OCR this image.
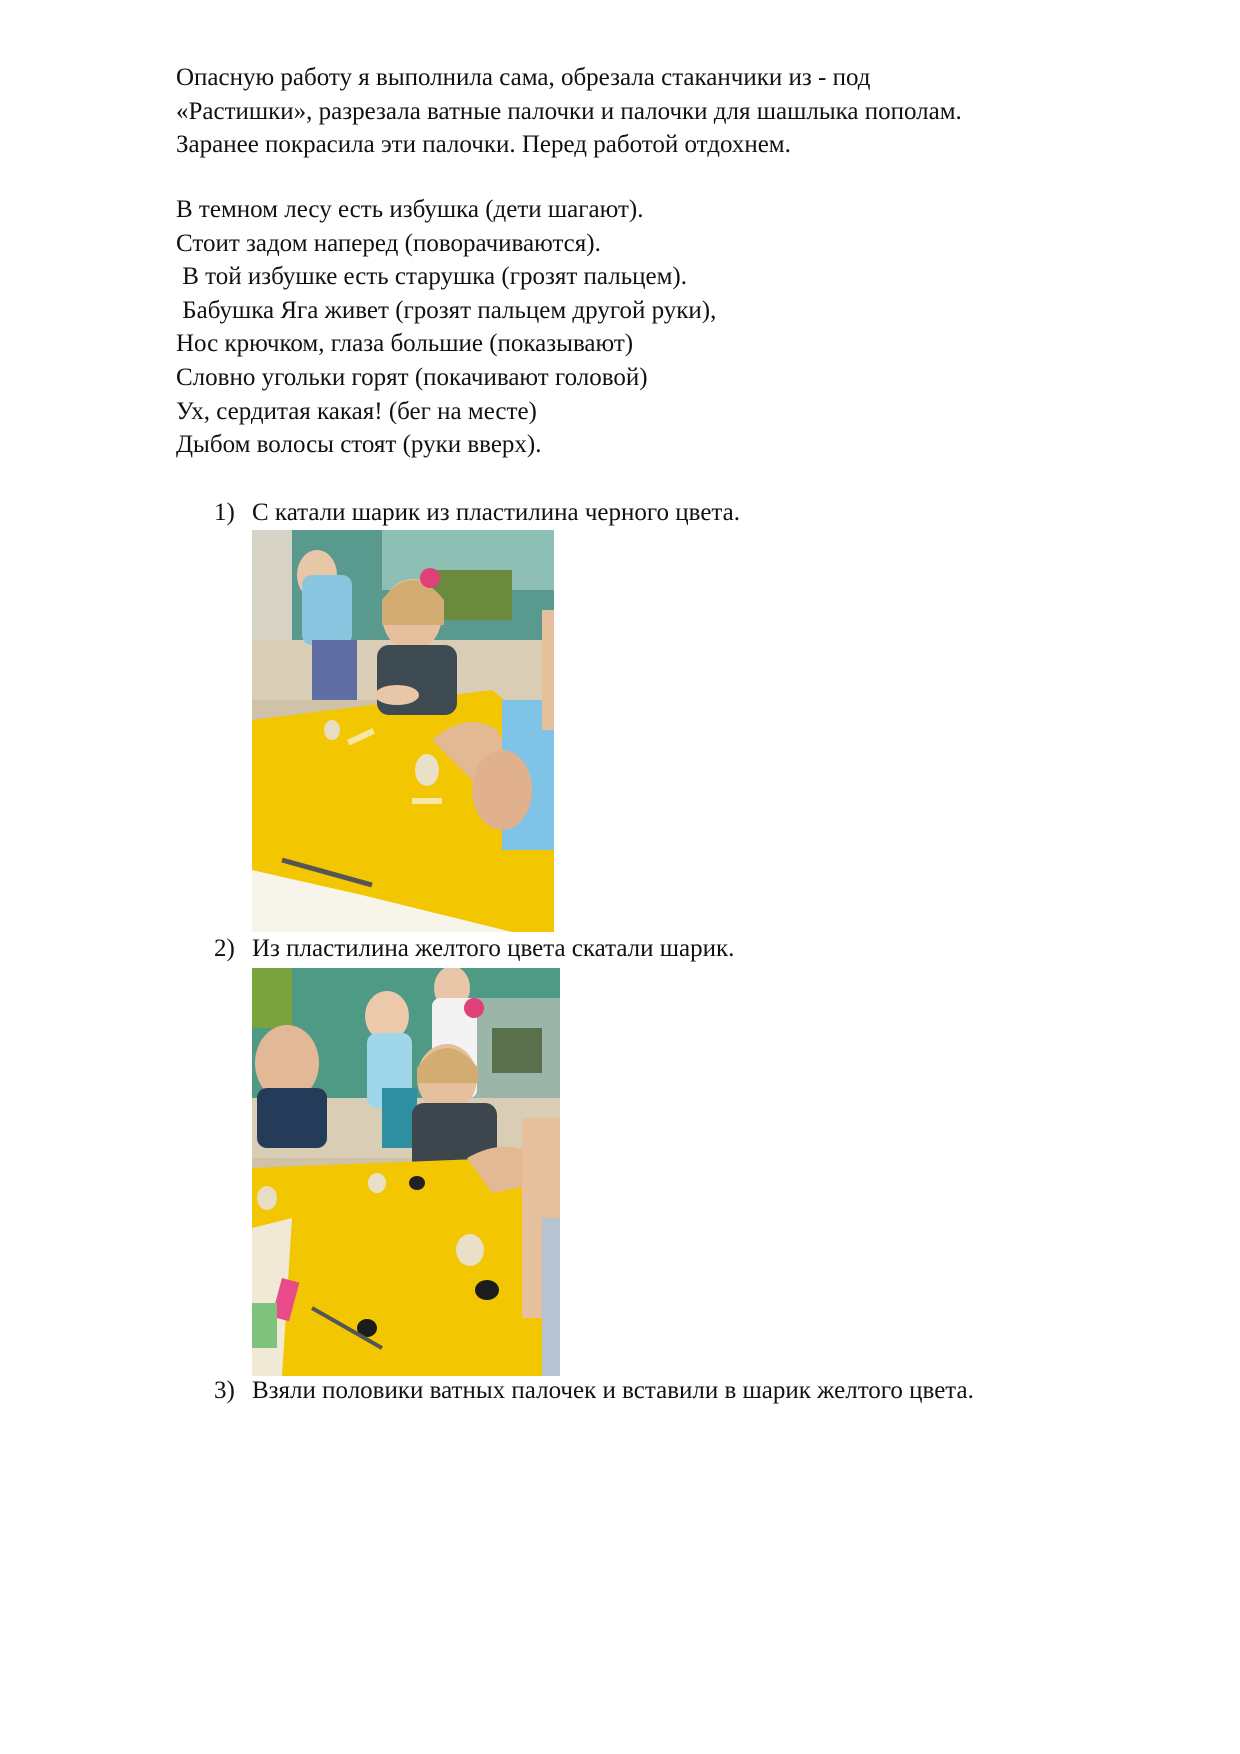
Опасную работу я выполнила сама, обрезала стаканчики из - под
«Растишки», разрезала ватные палочки и палочки для шашлыка пополам.
Заранее покрасила эти палочки. Перед работой отдохнем.
В темном лесу есть избушка (дети шагают).
Стоит задом наперед (поворачиваются).
В той избушке есть старушка (грозят пальцем).
Бабушка Яга живет (грозят пальцем другой руки),
Нос крючком, глаза большие (показывают)
Словно угольки горят (покачивают головой)
Ух, сердитая какая! (бег на месте)
Дыбом волосы стоят (руки вверх).
1) С катали шарик из пластилина черного цвета.
2) Из пластилина желтого цвета скатали шарик.
3) Взяли половики ватных палочек и вставили в шарик желтого цвета.
